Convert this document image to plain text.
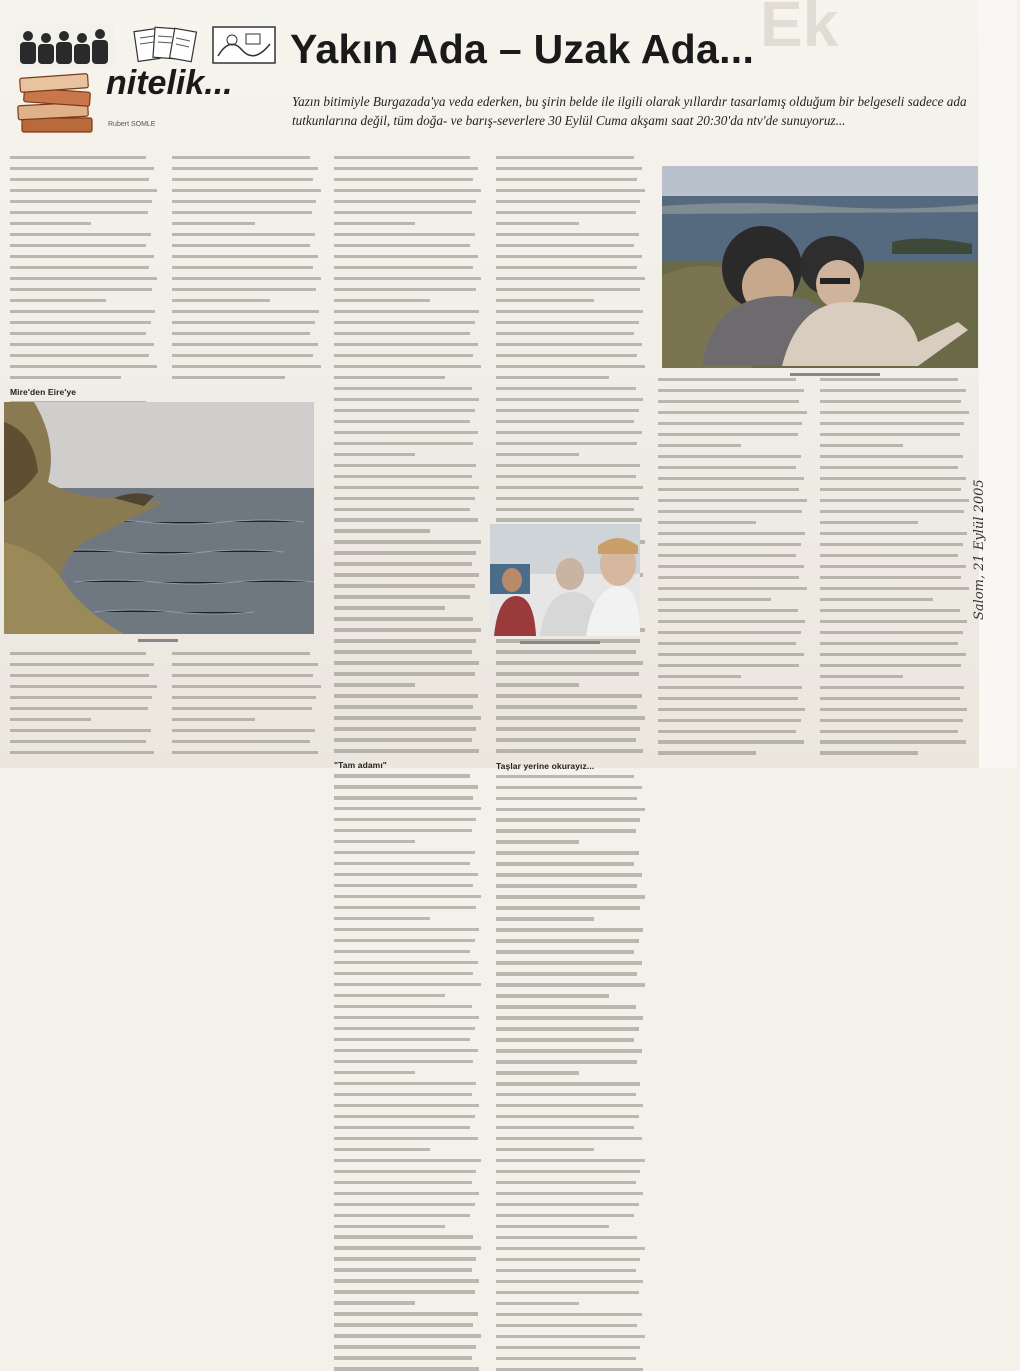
Ek
Yakın Ada – Uzak Ada...
nitelik...
Rubert SOMLE
Yazın bitimiyle Burgazada'ya veda ederken, bu şirin belde ile ilgili olarak yıllardır tasarlamış olduğum bir belgeseli sadece ada tutkunlarına değil, tüm doğa- ve barış-severlere 30 Eylül Cuma akşamı saat 20:30'da ntv'de sunuyoruz...
Mire'den Eire'ye
"Tam adamı"	Taşlar yerine okurayız...
Salom, 21 Eylül 2005
